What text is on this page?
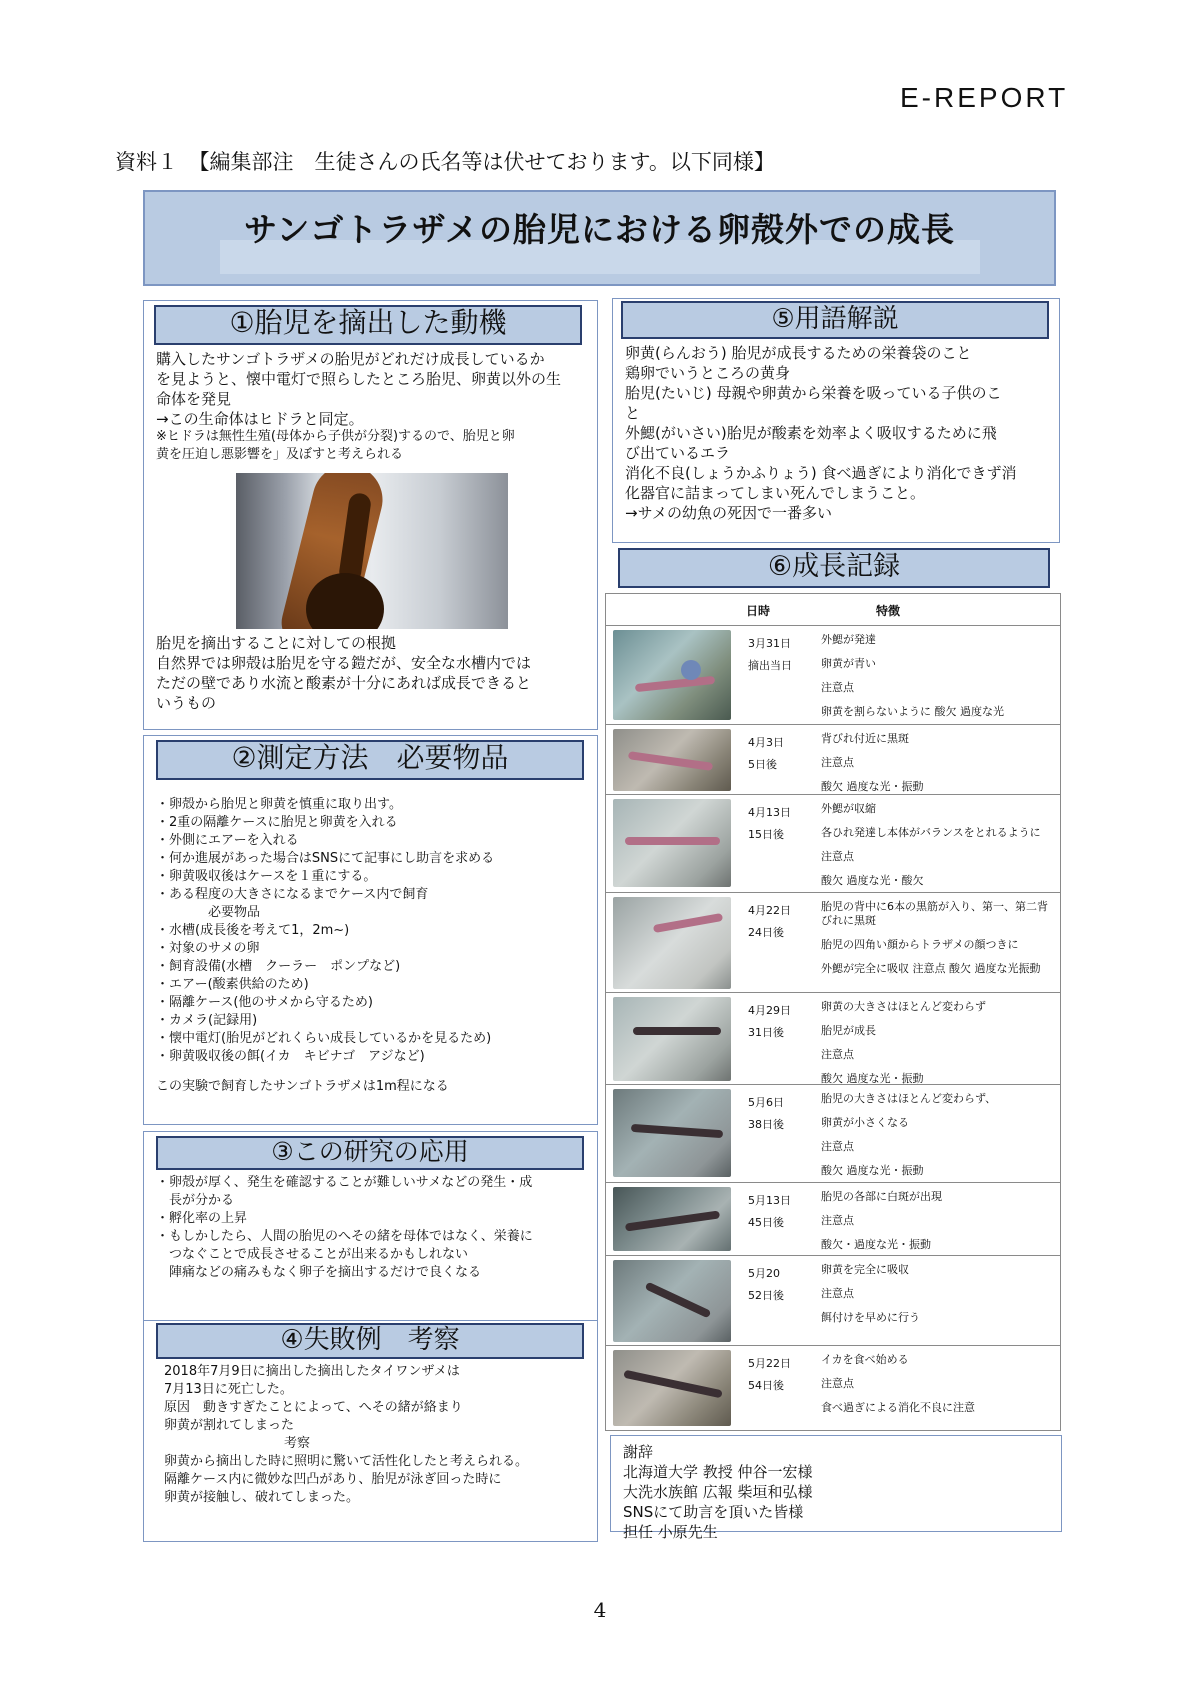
E-REPORT
資料１　【編集部注　生徒さんの氏名等は伏せております。以下同様】
サンゴトラザメの胎児における卵殻外での成長
①胎児を摘出した動機
購入したサンゴトラザメの胎児がどれだけ成長しているか
を見ようと、懐中電灯で照らしたところ胎児、卵黄以外の生
命体を発見
→この生命体はヒドラと同定。
※ヒドラは無性生殖(母体から子供が分裂)するので、胎児と卵
黄を圧迫し悪影響を」及ぼすと考えられる
胎児を摘出することに対しての根拠
自然界では卵殻は胎児を守る鎧だが、安全な水槽内では
ただの壁であり水流と酸素が十分にあれば成長できると
いうもの
②測定方法　必要物品
・卵殻から胎児と卵黄を慎重に取り出す。
・2重の隔離ケースに胎児と卵黄を入れる
・外側にエアーを入れる
・何か進展があった場合はSNSにて記事にし助言を求める
・卵黄吸収後はケースを１重にする。
・ある程度の大きさになるまでケース内で飼育
　　　　必要物品
・水槽(成長後を考えて1，2m~)
・対象のサメの卵
・飼育設備(水槽　クーラー　ポンプなど)
・エアー(酸素供給のため)
・隔離ケース(他のサメから守るため)
・カメラ(記録用)
・懐中電灯(胎児がどれくらい成長しているかを見るため)
・卵黄吸収後の餌(イカ　キビナゴ　アジなど)
この実験で飼育したサンゴトラザメは1m程になる
③この研究の応用
・卵殻が厚く、発生を確認することが難しいサメなどの発生・成
　長が分かる
・孵化率の上昇
・もしかしたら、人間の胎児のへその緒を母体ではなく、栄養に
　つなぐことで成長させることが出来るかもしれない
　陣痛などの痛みもなく卵子を摘出するだけで良くなる
④失敗例　考察
2018年7月9日に摘出した摘出したタイワンザメは
7月13日に死亡した。
原因　動きすぎたことによって、へその緒が絡まり
卵黄が割れてしまった
考察
卵黄から摘出した時に照明に驚いて活性化したと考えられる。
隔離ケース内に微妙な凹凸があり、胎児が泳ぎ回った時に
卵黄が接触し、破れてしまった。
⑤用語解説
卵黄(らんおう) 胎児が成長するための栄養袋のこと
鶏卵でいうところの黄身
胎児(たいじ) 母親や卵黄から栄養を吸っている子供のこ
と
外鰓(がいさい)胎児が酸素を効率よく吸収するために飛
び出ているエラ
消化不良(しょうかふりょう) 食べ過ぎにより消化できず消
化器官に詰まってしまい死んでしまうこと。
→サメの幼魚の死因で一番多い
⑥成長記録
日時	特徴
3月31日
摘出当日
外鰓が発達
卵黄が青い
注意点
卵黄を割らないように 酸欠 過度な光
4月3日
5日後
背びれ付近に黒斑
注意点
酸欠 過度な光・振動
4月13日
15日後
外鰓が収縮
各ひれ発達し本体がバランスをとれるように
注意点
酸欠 過度な光・酸欠
4月22日
24日後
胎児の背中に6本の黒筋が入り、第一、第二背びれに黒斑
胎児の四角い顔からトラザメの顔つきに
外鰓が完全に吸収 注意点 酸欠 過度な光振動
4月29日
31日後
卵黄の大きさはほとんど変わらず
胎児が成長
注意点
酸欠 過度な光・振動
5月6日
38日後
胎児の大きさはほとんど変わらず、
卵黄が小さくなる
注意点
酸欠 過度な光・振動
5月13日
45日後
胎児の各部に白斑が出現
注意点
酸欠・過度な光・振動
5月20
52日後
卵黄を完全に吸収
注意点
餌付けを早めに行う
5月22日
54日後
イカを食べ始める
注意点
食べ過ぎによる消化不良に注意
謝辞
北海道大学 教授 仲谷一宏様
大洗水族館 広報 柴垣和弘様
SNSにて助言を頂いた皆様
担任 小原先生
4
